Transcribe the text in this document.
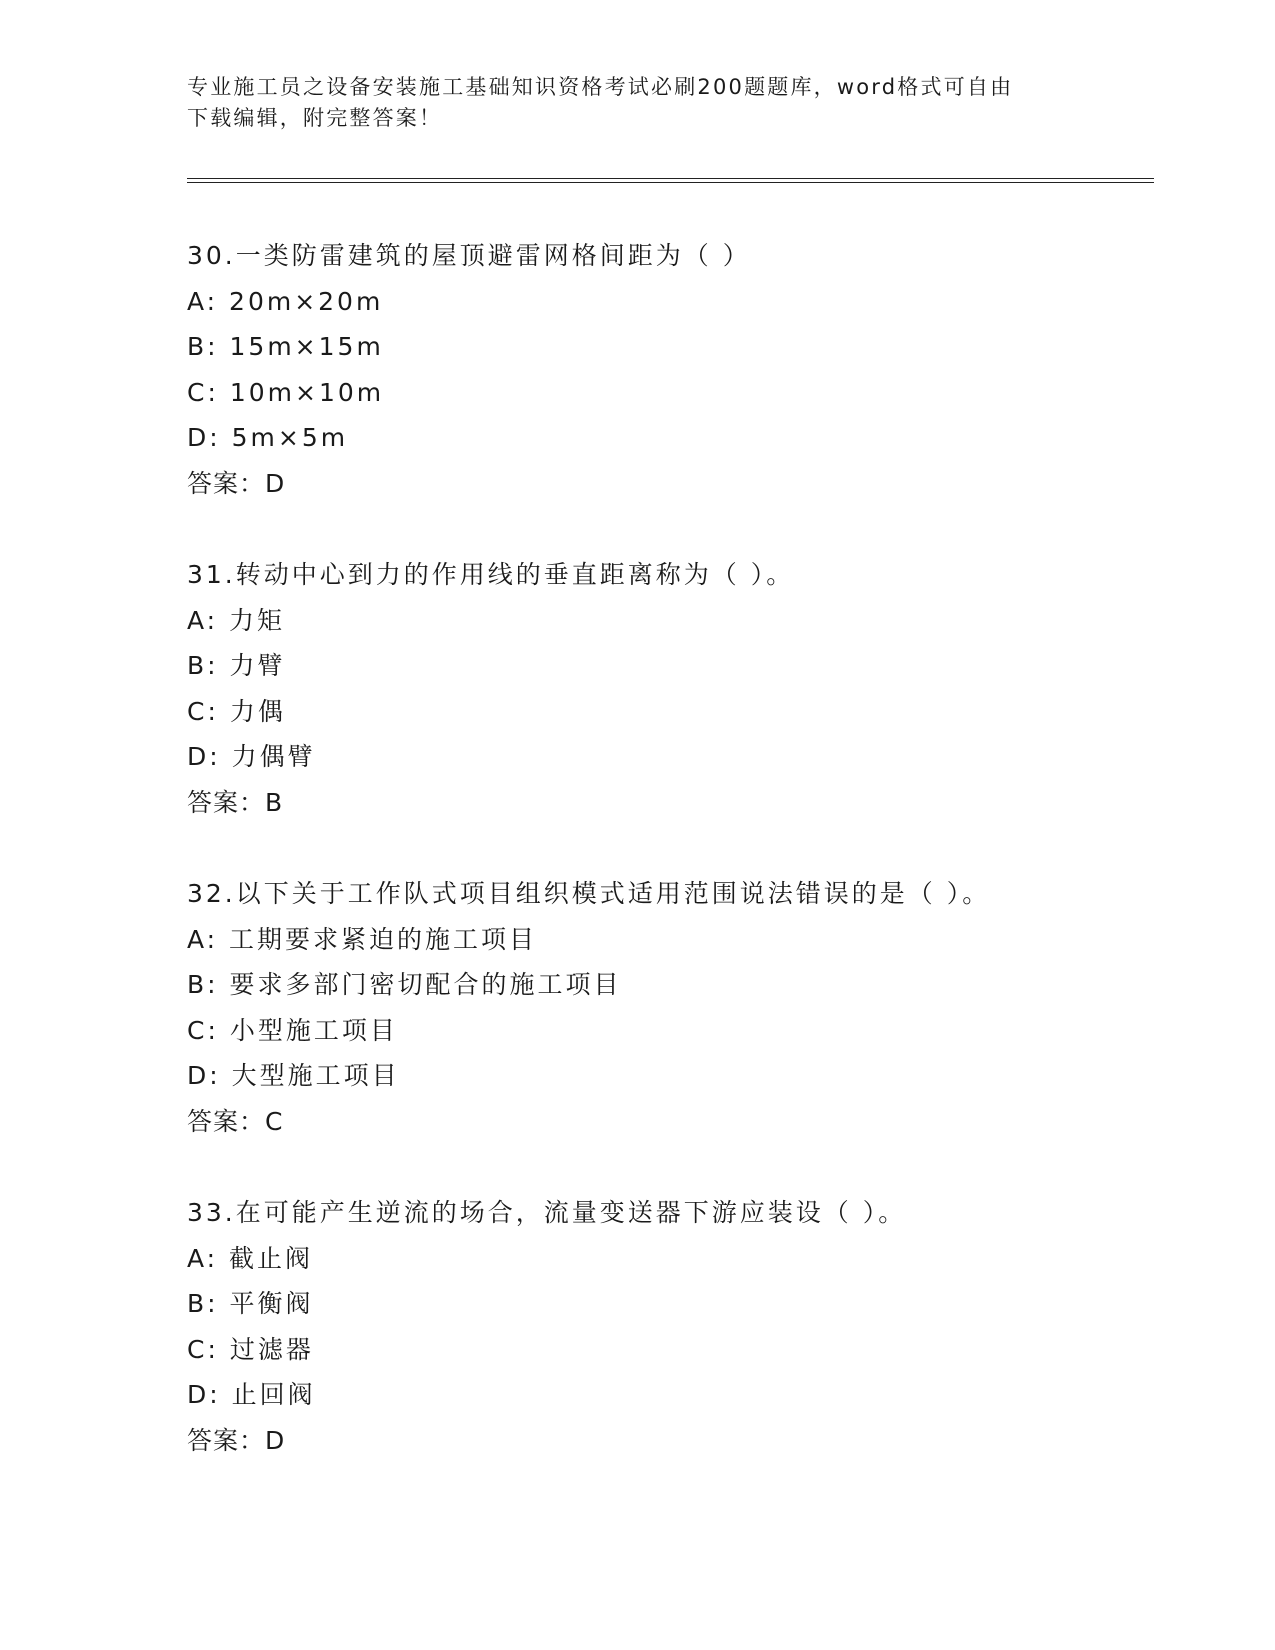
专业施工员之设备安装施工基础知识资格考试必刷200题题库，word格式可自由
下载编辑，附完整答案！
30.一类防雷建筑的屋顶避雷网格间距为（ ）
A: 20m×20m
B: 15m×15m
C: 10m×10m
D: 5m×5m
答案：D
31.转动中心到力的作用线的垂直距离称为（ ）。
A: 力矩
B: 力臂
C: 力偶
D: 力偶臂
答案：B
32.以下关于工作队式项目组织模式适用范围说法错误的是（ ）。
A: 工期要求紧迫的施工项目
B: 要求多部门密切配合的施工项目
C: 小型施工项目
D: 大型施工项目
答案：C
33.在可能产生逆流的场合，流量变送器下游应装设（ ）。
A: 截止阀
B: 平衡阀
C: 过滤器
D: 止回阀
答案：D
